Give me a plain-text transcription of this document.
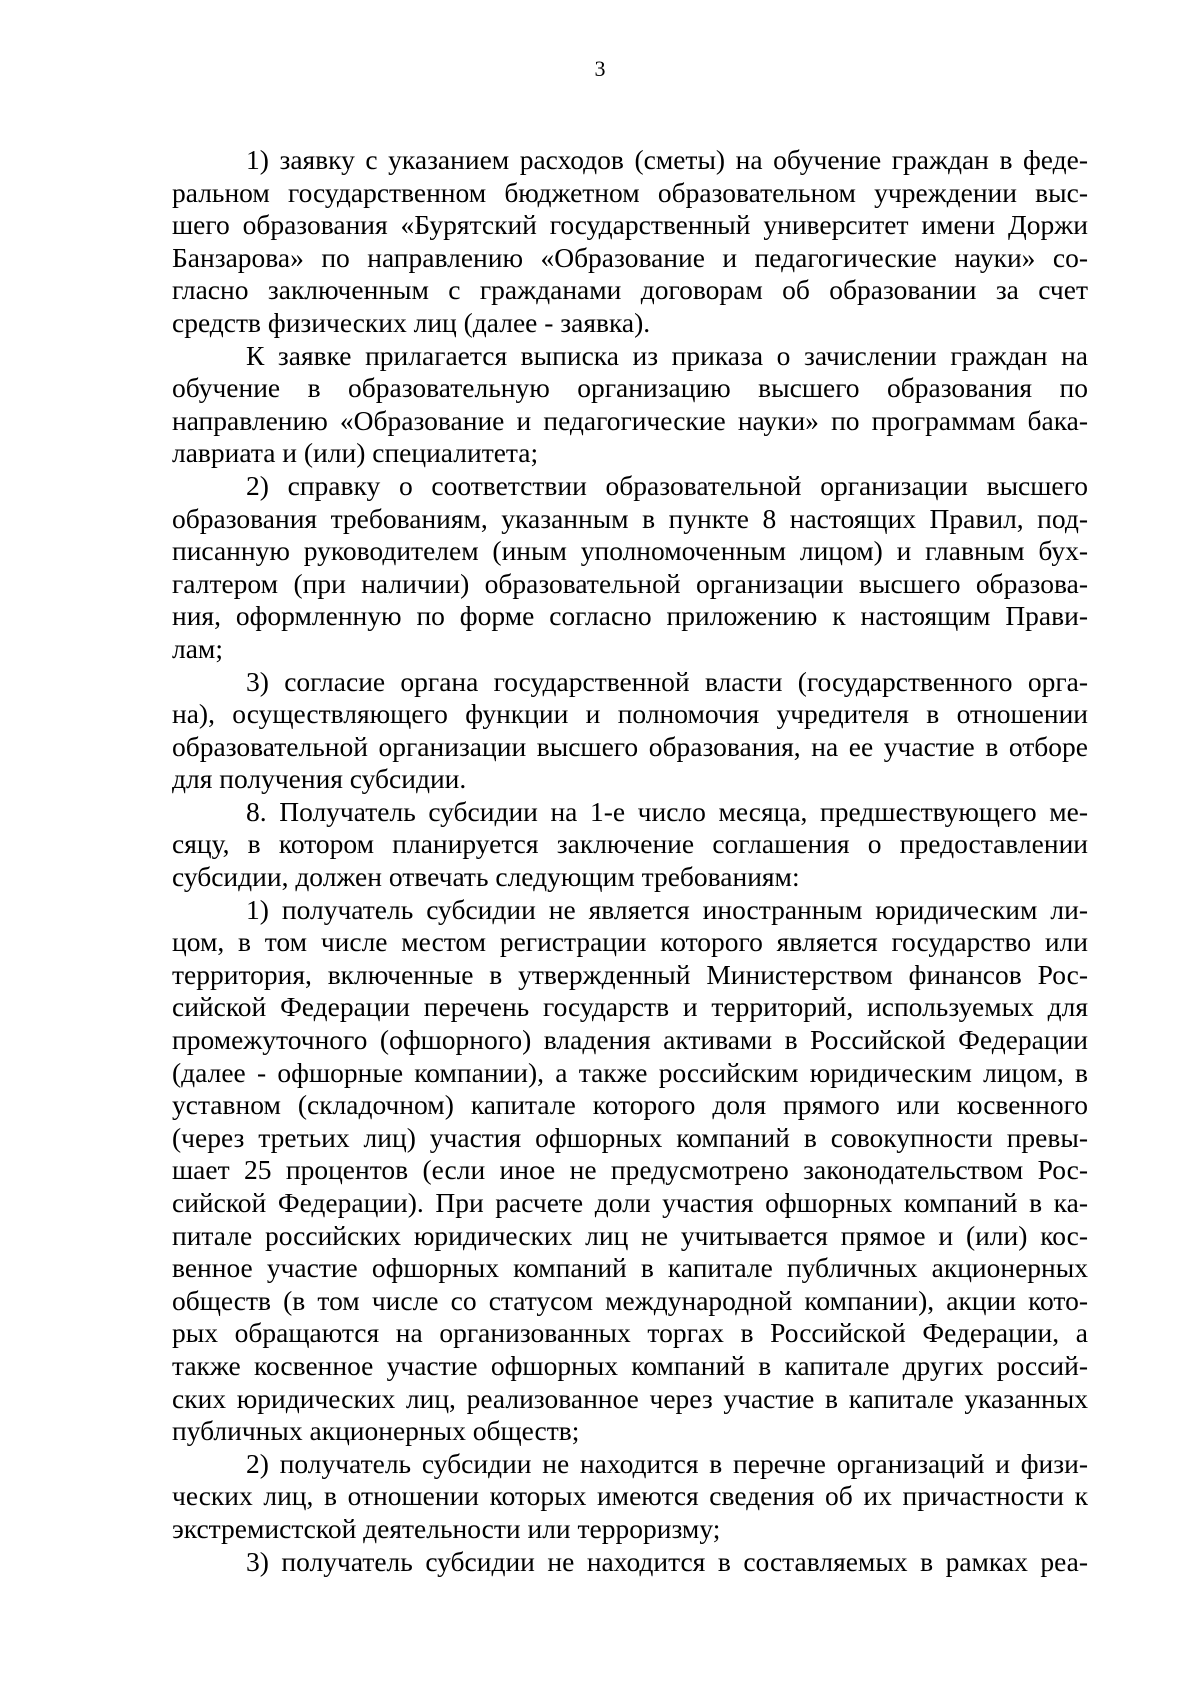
3
1) заявку с указанием расходов (сметы) на обучение граждан в феде-
ральном государственном бюджетном образовательном учреждении выс-
шего образования «Бурятский государственный университет имени Доржи
Банзарова» по направлению «Образование и педагогические науки» со-
гласно заключенным с гражданами договорам об образовании за счет
средств физических лиц (далее - заявка).
К заявке прилагается выписка из приказа о зачислении граждан на
обучение в образовательную организацию высшего образования по
направлению «Образование и педагогические науки» по программам бака-
лавриата и (или) специалитета;
2) справку о соответствии образовательной организации высшего
образования требованиям, указанным в пункте 8 настоящих Правил, под-
писанную руководителем (иным уполномоченным лицом) и главным бух-
галтером (при наличии) образовательной организации высшего образова-
ния, оформленную по форме согласно приложению к настоящим Прави-
лам;
3) согласие органа государственной власти (государственного орга-
на), осуществляющего функции и полномочия учредителя в отношении
образовательной организации высшего образования, на ее участие в отборе
для получения субсидии.
8. Получатель субсидии на 1-е число месяца, предшествующего ме-
сяцу, в котором планируется заключение соглашения о предоставлении
субсидии, должен отвечать следующим требованиям:
1) получатель субсидии не является иностранным юридическим ли-
цом, в том числе местом регистрации которого является государство или
территория, включенные в утвержденный Министерством финансов Рос-
сийской Федерации перечень государств и территорий, используемых для
промежуточного (офшорного) владения активами в Российской Федерации
(далее - офшорные компании), а также российским юридическим лицом, в
уставном (складочном) капитале которого доля прямого или косвенного
(через третьих лиц) участия офшорных компаний в совокупности превы-
шает 25 процентов (если иное не предусмотрено законодательством Рос-
сийской Федерации). При расчете доли участия офшорных компаний в ка-
питале российских юридических лиц не учитывается прямое и (или) кос-
венное участие офшорных компаний в капитале публичных акционерных
обществ (в том числе со статусом международной компании), акции кото-
рых обращаются на организованных торгах в Российской Федерации, а
также косвенное участие офшорных компаний в капитале других россий-
ских юридических лиц, реализованное через участие в капитале указанных
публичных акционерных обществ;
2) получатель субсидии не находится в перечне организаций и физи-
ческих лиц, в отношении которых имеются сведения об их причастности к
экстремистской деятельности или терроризму;
3) получатель субсидии не находится в составляемых в рамках реа-
